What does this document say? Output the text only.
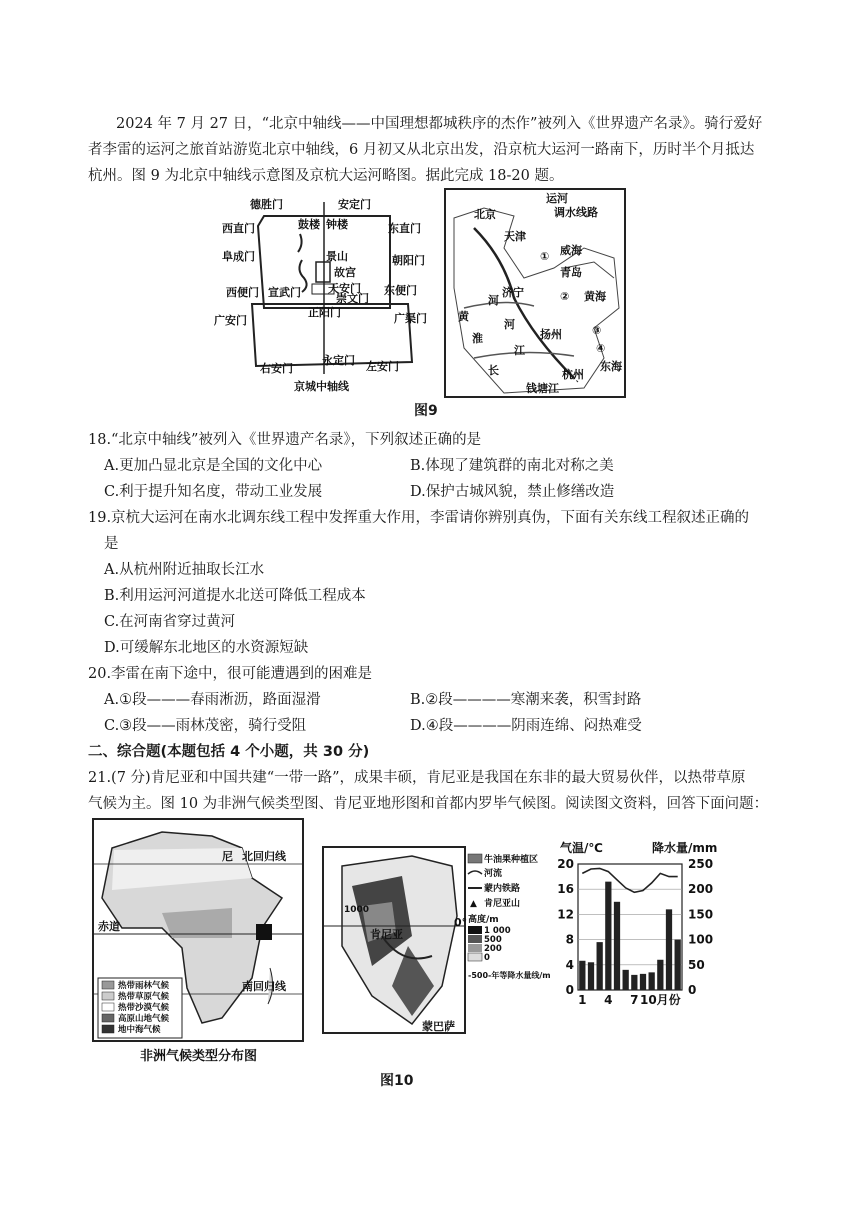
2024 年 7 月 27 日，“北京中轴线——中国理想都城秩序的杰作”被列入《世界遗产名录》。骑行爱好
者李雷的运河之旅首站游览北京中轴线，6 月初又从北京出发，沿京杭大运河一路南下，历时半个月抵达
杭州。图 9 为北京中轴线示意图及京杭大运河略图。据此完成 18-20 题。
德胜门	安定门
西直门	东直门
阜成门	朝阳门
西便门 宣武门	东便门
广安门	广渠门
右安门
永定门 左安门
鼓楼 钟楼
景山
故宫
天安门
正阳门
崇文门
京城中轴线
运河
调水线路
北京
天津
济宁
扬州
杭州
威海
青岛
黄海
东海
黄
河
淮
河
长
江
钱塘江
①
②
③
④
图9
18.“北京中轴线”被列入《世界遗产名录》，下列叙述正确的是
A.更加凸显北京是全国的文化中心	B.体现了建筑群的南北对称之美
C.利于提升知名度，带动工业发展	D.保护古城风貌，禁止修缮改造
19.京杭大运河在南水北调东线工程中发挥重大作用，李雷请你辨别真伪，下面有关东线工程叙述正确的
是
A.从杭州附近抽取长江水
B.利用运河河道提水北送可降低工程成本
C.在河南省穿过黄河
D.可缓解东北地区的水资源短缺
20.李雷在南下途中，很可能遭遇到的困难是
A.①段———春雨淅沥，路面湿滑	B.②段————寒潮来袭，积雪封路
C.③段——雨林茂密，骑行受阻	D.④段————阴雨连绵、闷热难受
二、综合题(本题包括 4 个小题，共 30 分)
21.(7 分)肯尼亚和中国共建“一带一路”，成果丰硕，肯尼亚是我国在东非的最大贸易伙伴，以热带草原
气候为主。图 10 为非洲气候类型图、肯尼亚地形图和首都内罗毕气候图。阅读图文资料，回答下面问题：
赤道
北回归线
南回归线
尼
热带雨林气候
热带草原气候
热带沙漠气候
高原山地气候
地中海气候
非洲气候类型分布图
肯尼亚
蒙巴萨
0°
1000
牛油果种植区
河流
蒙内铁路
▲ 肯尼亚山
高度/m
1 000
500
200
0
-500-年等降水量线/m
气温/℃	降水量/mm
0
4
8
12
16
20
0
50
100
150
200
250
1 4 7 10月份
图10
